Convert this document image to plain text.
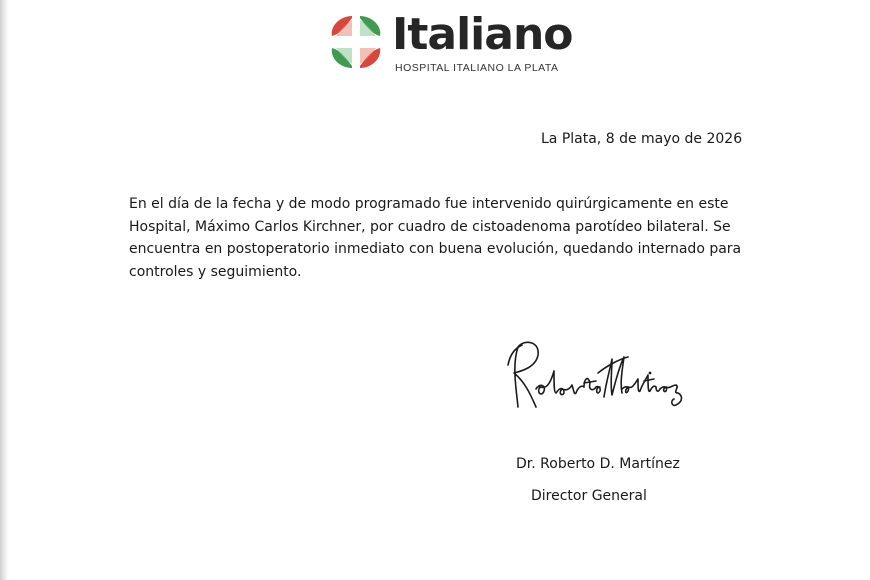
Italiano
HOSPITAL ITALIANO LA PLATA
La Plata, 8 de mayo de 2026

En el día de la fecha y de modo programado fue intervenido quirúrgicamente en este Hospital, Máximo Carlos Kirchner, por cuadro de cistoadenoma parotídeo bilateral. Se encuentra en postoperatorio inmediato con buena evolución, quedando internado para controles y seguimiento.

Dr. Roberto D. Martínez
Director General
